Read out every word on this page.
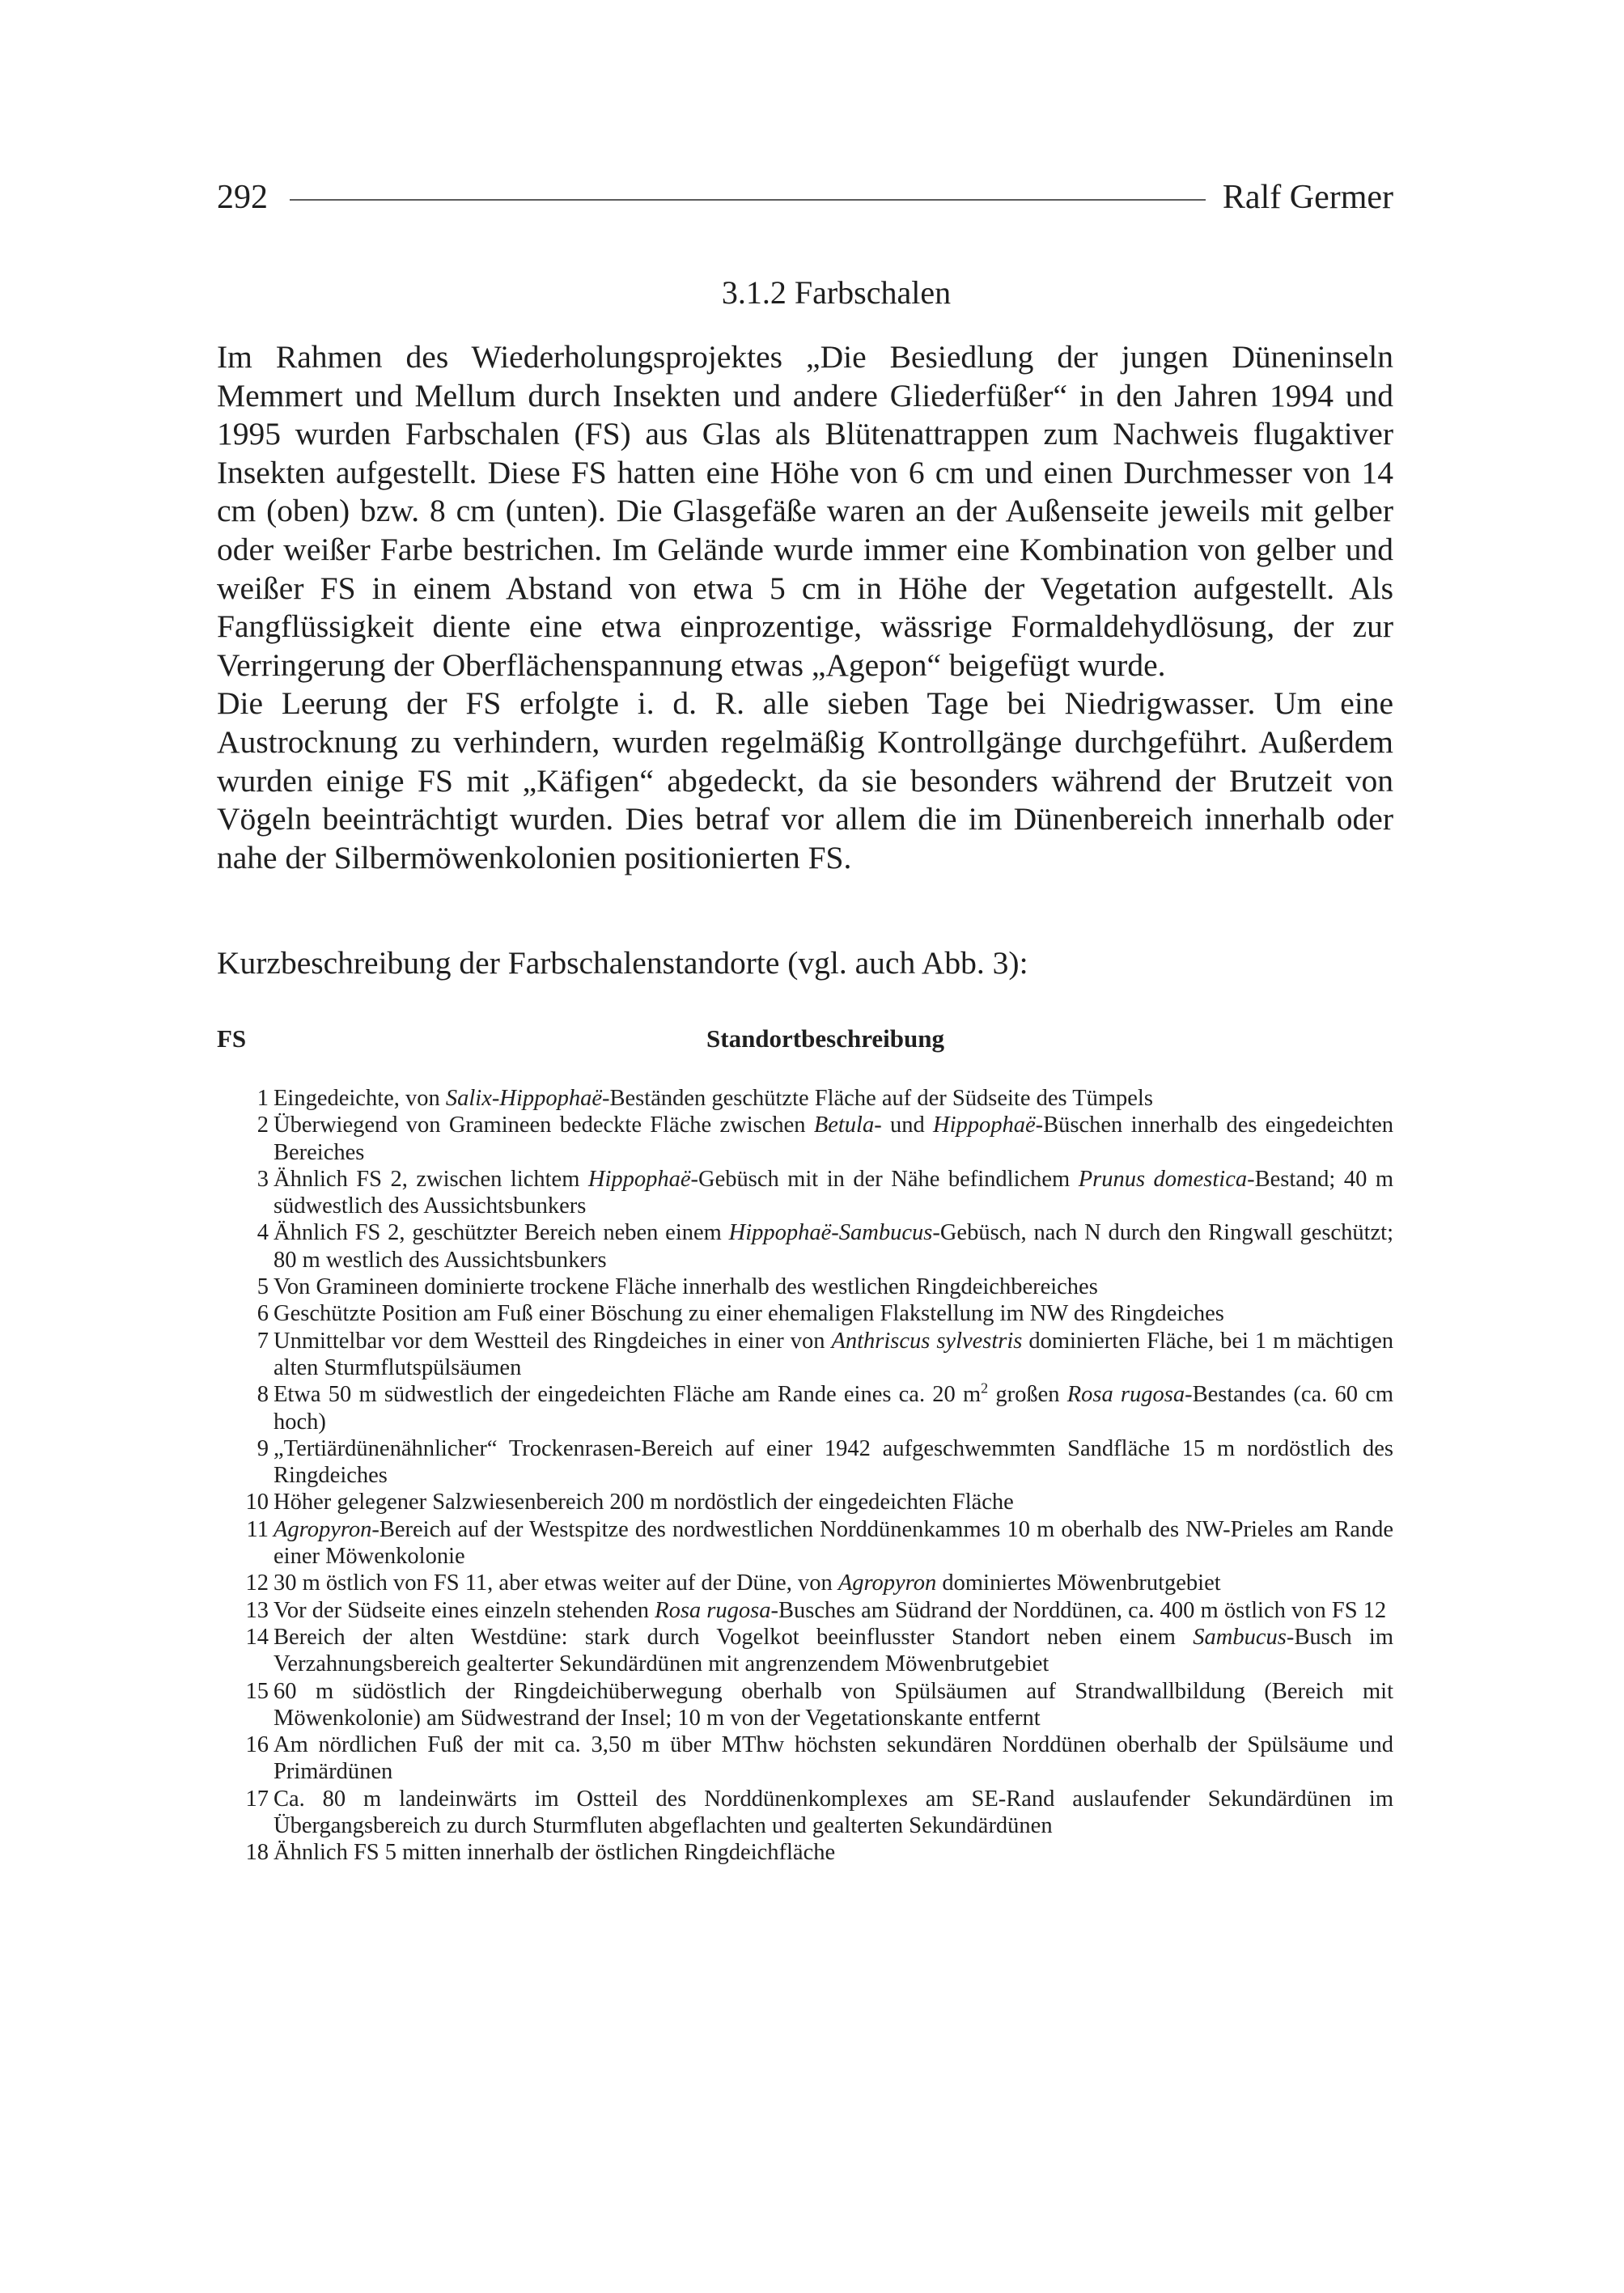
292	Ralf Germer
3.1.2 Farbschalen

Im Rahmen des Wiederholungsprojektes „Die Besiedlung der jungen Düneninseln Memmert und Mellum durch Insekten und andere Gliederfüßer“ in den Jahren 1994 und 1995 wurden Farbschalen (FS) aus Glas als Blütenattrappen zum Nachweis flugaktiver Insekten aufgestellt. Diese FS hatten eine Höhe von 6 cm und einen Durchmesser von 14 cm (oben) bzw. 8 cm (unten). Die Glasgefäße waren an der Außenseite jeweils mit gelber oder weißer Farbe bestrichen. Im Gelände wurde immer eine Kombination von gelber und weißer FS in einem Abstand von etwa 5 cm in Höhe der Vegetation aufgestellt. Als Fangflüssigkeit diente eine etwa einprozentige, wässrige Formaldehydlösung, der zur Verringerung der Oberflächenspannung etwas „Agepon“ beigefügt wurde.

Die Leerung der FS erfolgte i. d. R. alle sieben Tage bei Niedrigwasser. Um eine Austrocknung zu verhindern, wurden regelmäßig Kontrollgänge durchgeführt. Außerdem wurden einige FS mit „Käfigen“ abgedeckt, da sie besonders während der Brutzeit von Vögeln beeinträchtigt wurden. Dies betraf vor allem die im Dünenbereich innerhalb oder nahe der Silbermöwenkolonien positionierten FS.

Kurzbeschreibung der Farbschalenstandorte (vgl. auch Abb. 3):
FS	Standortbeschreibung
1 Eingedeichte, von Salix-Hippophaë-Beständen geschützte Fläche auf der Südseite des Tümpels
2 Überwiegend von Gramineen bedeckte Fläche zwischen Betula- und Hippophaë-Büschen innerhalb des eingedeichten Bereiches
3 Ähnlich FS 2, zwischen lichtem Hippophaë-Gebüsch mit in der Nähe befindlichem Prunus domestica-Bestand; 40 m südwestlich des Aussichtsbunkers
4 Ähnlich FS 2, geschützter Bereich neben einem Hippophaë-Sambucus-Gebüsch, nach N durch den Ringwall geschützt; 80 m westlich des Aussichtsbunkers
5 Von Gramineen dominierte trockene Fläche innerhalb des westlichen Ringdeichbereiches
6 Geschützte Position am Fuß einer Böschung zu einer ehemaligen Flakstellung im NW des Ringdeiches
7 Unmittelbar vor dem Westteil des Ringdeiches in einer von Anthriscus sylvestris dominierten Fläche, bei 1 m mächtigen alten Sturmflutspülsäumen
8 Etwa 50 m südwestlich der eingedeichten Fläche am Rande eines ca. 20 $m^2$ großen Rosa rugosa-Bestandes (ca. 60 cm hoch)
9 „Tertiärdünenähnlicher“ Trockenrasen-Bereich auf einer 1942 aufgeschwemmten Sandfläche 15 m nordöstlich des Ringdeiches
10 Höher gelegener Salzwiesenbereich 200 m nordöstlich der eingedeichten Fläche
11 Agropyron-Bereich auf der Westspitze des nordwestlichen Norddünenkammes 10 m oberhalb des NW-Prieles am Rande einer Möwenkolonie
12 30 m östlich von FS 11, aber etwas weiter auf der Düne, von Agropyron dominiertes Möwenbrutgebiet
13 Vor der Südseite eines einzeln stehenden Rosa rugosa-Busches am Südrand der Norddünen, ca. 400 m östlich von FS 12
14 Bereich der alten Westdüne: stark durch Vogelkot beeinflusster Standort neben einem Sambucus-Busch im Verzahnungsbereich gealterter Sekundärdünen mit angrenzendem Möwenbrutgebiet
15 60 m südöstlich der Ringdeichüberwegung oberhalb von Spülsäumen auf Strandwallbildung (Bereich mit Möwenkolonie) am Südwestrand der Insel; 10 m von der Vegetationskante entfernt
16 Am nördlichen Fuß der mit ca. 3,50 m über MThw höchsten sekundären Norddünen oberhalb der Spülsäume und Primärdünen
17 Ca. 80 m landeinwärts im Ostteil des Norddünenkomplexes am SE-Rand auslaufender Sekundärdünen im Übergangsbereich zu durch Sturmfluten abgeflachten und gealterten Sekundärdünen
18 Ähnlich FS 5 mitten innerhalb der östlichen Ringdeichfläche
